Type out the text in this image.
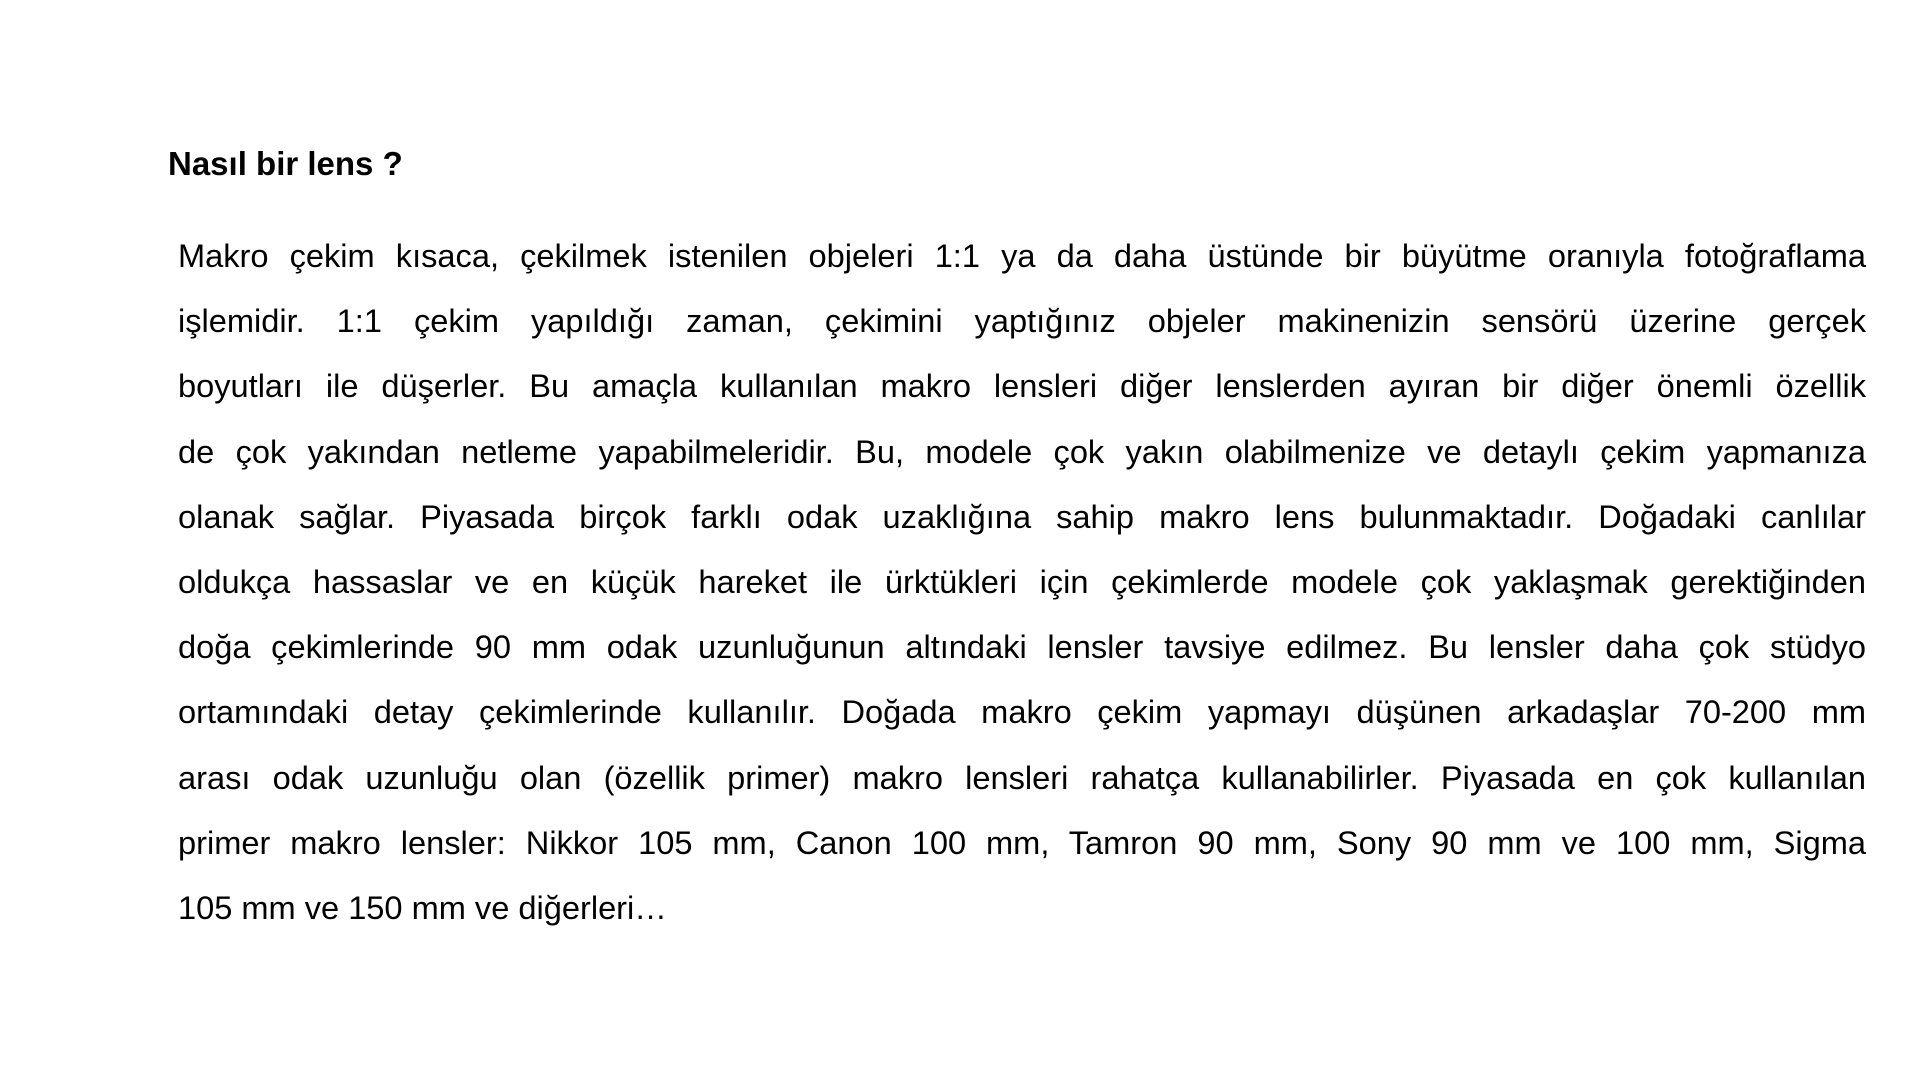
Nasıl bir lens ?
Makro çekim kısaca, çekilmek istenilen objeleri 1:1 ya da daha üstünde bir büyütme oranıyla fotoğraflama
işlemidir. 1:1 çekim yapıldığı zaman, çekimini yaptığınız objeler makinenizin sensörü üzerine gerçek
boyutları ile düşerler. Bu amaçla kullanılan makro lensleri diğer lenslerden ayıran bir diğer önemli özellik
de çok yakından netleme yapabilmeleridir. Bu, modele çok yakın olabilmenize ve detaylı çekim yapmanıza
olanak sağlar. Piyasada birçok farklı odak uzaklığına sahip makro lens bulunmaktadır. Doğadaki canlılar
oldukça hassaslar ve en küçük hareket ile ürktükleri için çekimlerde modele çok yaklaşmak gerektiğinden
doğa çekimlerinde 90 mm odak uzunluğunun altındaki lensler tavsiye edilmez. Bu lensler daha çok stüdyo
ortamındaki detay çekimlerinde kullanılır. Doğada makro çekim yapmayı düşünen arkadaşlar 70-200 mm
arası odak uzunluğu olan (özellik primer) makro lensleri rahatça kullanabilirler. Piyasada en çok kullanılan
primer makro lensler: Nikkor 105 mm, Canon 100 mm, Tamron 90 mm, Sony 90 mm ve 100 mm, Sigma
105 mm ve 150 mm ve diğerleri…
